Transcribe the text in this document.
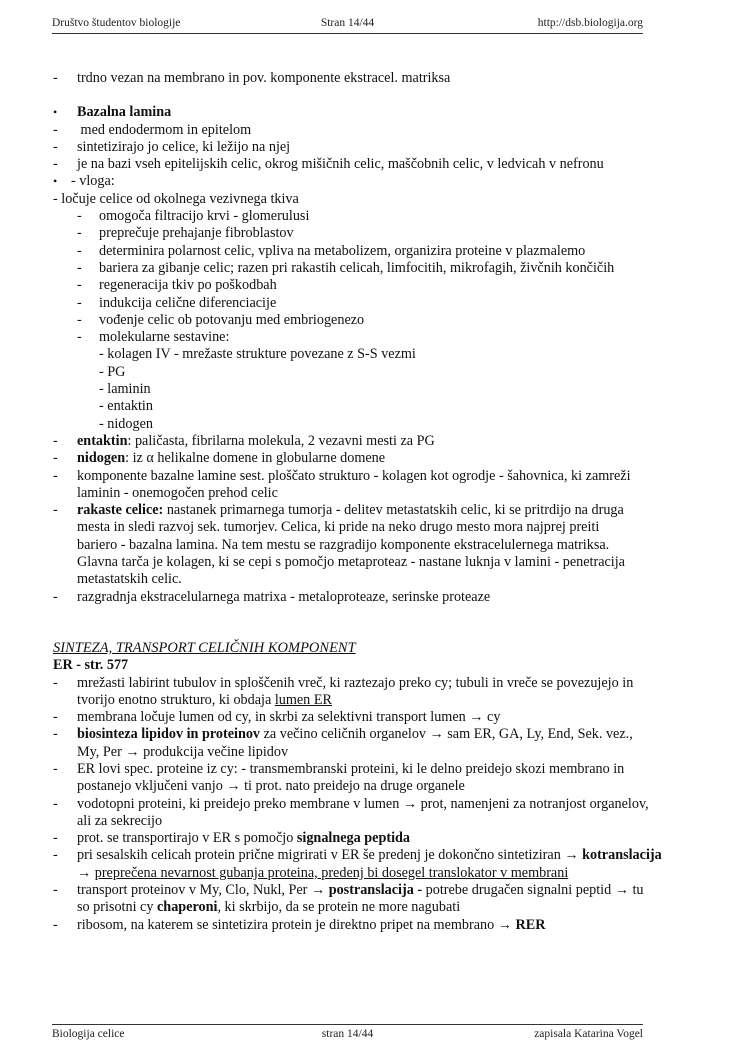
Društvo študentov biologije	Stran 14/44	http://dsb.biologija.org
- trdno vezan na membrano in pov. komponente ekstracel. matriksa
• Bazalna lamina
- med endodermom in epitelom
- sintetizirajo jo celice, ki ležijo na njej
- je na bazi vseh epitelijskih celic, okrog mišičnih celic, maščobnih celic, v ledvicah v nefronu
• - vloga:
- ločuje celice od okolnega vezivnega tkiva
- omogoča filtracijo krvi - glomerulusi
- preprečuje prehajanje fibroblastov
- determinira polarnost celic, vpliva na metabolizem, organizira proteine v plazmalemo
- bariera za gibanje celic; razen pri rakastih celicah, limfocitih, mikrofagih, živčnih končičih
- regeneracija tkiv po poškodbah
- indukcija celične diferenciacije
- vođenje celic ob potovanju med embriogenezo
- molekularne sestavine:
- kolagen IV - mrežaste strukture povezane z S-S vezmi
- PG
- laminin
- entaktin
- nidogen
- entaktin: paličasta, fibrilarna molekula, 2 vezavni mesti za PG
- nidogen: iz α helikalne domene in globularne domene
- komponente bazalne lamine sest. ploščato strukturo - kolagen kot ogrodje - šahovnica, ki zamreži laminin - onemogočen prehod celic
- rakaste celice: nastanek primarnega tumorja - delitev metastatskih celic, ki se pritrdijo na druga mesta in sledi razvoj sek. tumorjev. Celica, ki pride na neko drugo mesto mora najprej preiti bariero - bazalna lamina. Na tem mestu se razgradijo komponente ekstracelulernega matriksa. Glavna tarča je kolagen, ki se cepi s pomočjo metaproteaz - nastane luknja v lamini - penetracija metastatskih celic.
- razgradnja ekstracelularnega matrixa - metaloproteaze, serinske proteaze
SINTEZA, TRANSPORT CELIČNIH KOMPONENT
ER - str. 577
- mrežasti labirint tubulov in sploščenih vreč, ki raztezajo preko cy; tubuli in vreče se povezujejo in tvorijo enotno strukturo, ki obdaja lumen ER
- membrana ločuje lumen od cy, in skrbi za selektivni transport lumen → cy
- biosinteza lipidov in proteinov za večino celičnih organelov → sam ER, GA, Ly, End, Sek. vez., My, Per → produkcija večine lipidov
- ER lovi spec. proteine iz cy: - transmembranski proteini, ki le delno preidejo skozi membrano in postanejo vključeni vanjo → ti prot. nato preidejo na druge organele
- vodotopni proteini, ki preidejo preko membrane v lumen → prot, namenjeni za notranjost organelov, ali za sekrecijo
- prot. se transportirajo v ER s pomočjo signalnega peptida
- pri sesalskih celicah protein prične migrirati v ER še predenj je dokončno sintetiziran → kotranslacija → preprečena nevarnost gubanja proteina, predenj bi dosegel translokator v membrani
- transport proteinov v My, Clo, Nukl, Per → postranslacija - potrebe drugačen signalni peptid → tu so prisotni cy chaperoni, ki skrbijo, da se protein ne more nagubati
- ribosom, na katerem se sintetizira protein je direktno pripet na membrano → RER
Biologija celice	stran 14/44	zapisala Katarina Vogel
